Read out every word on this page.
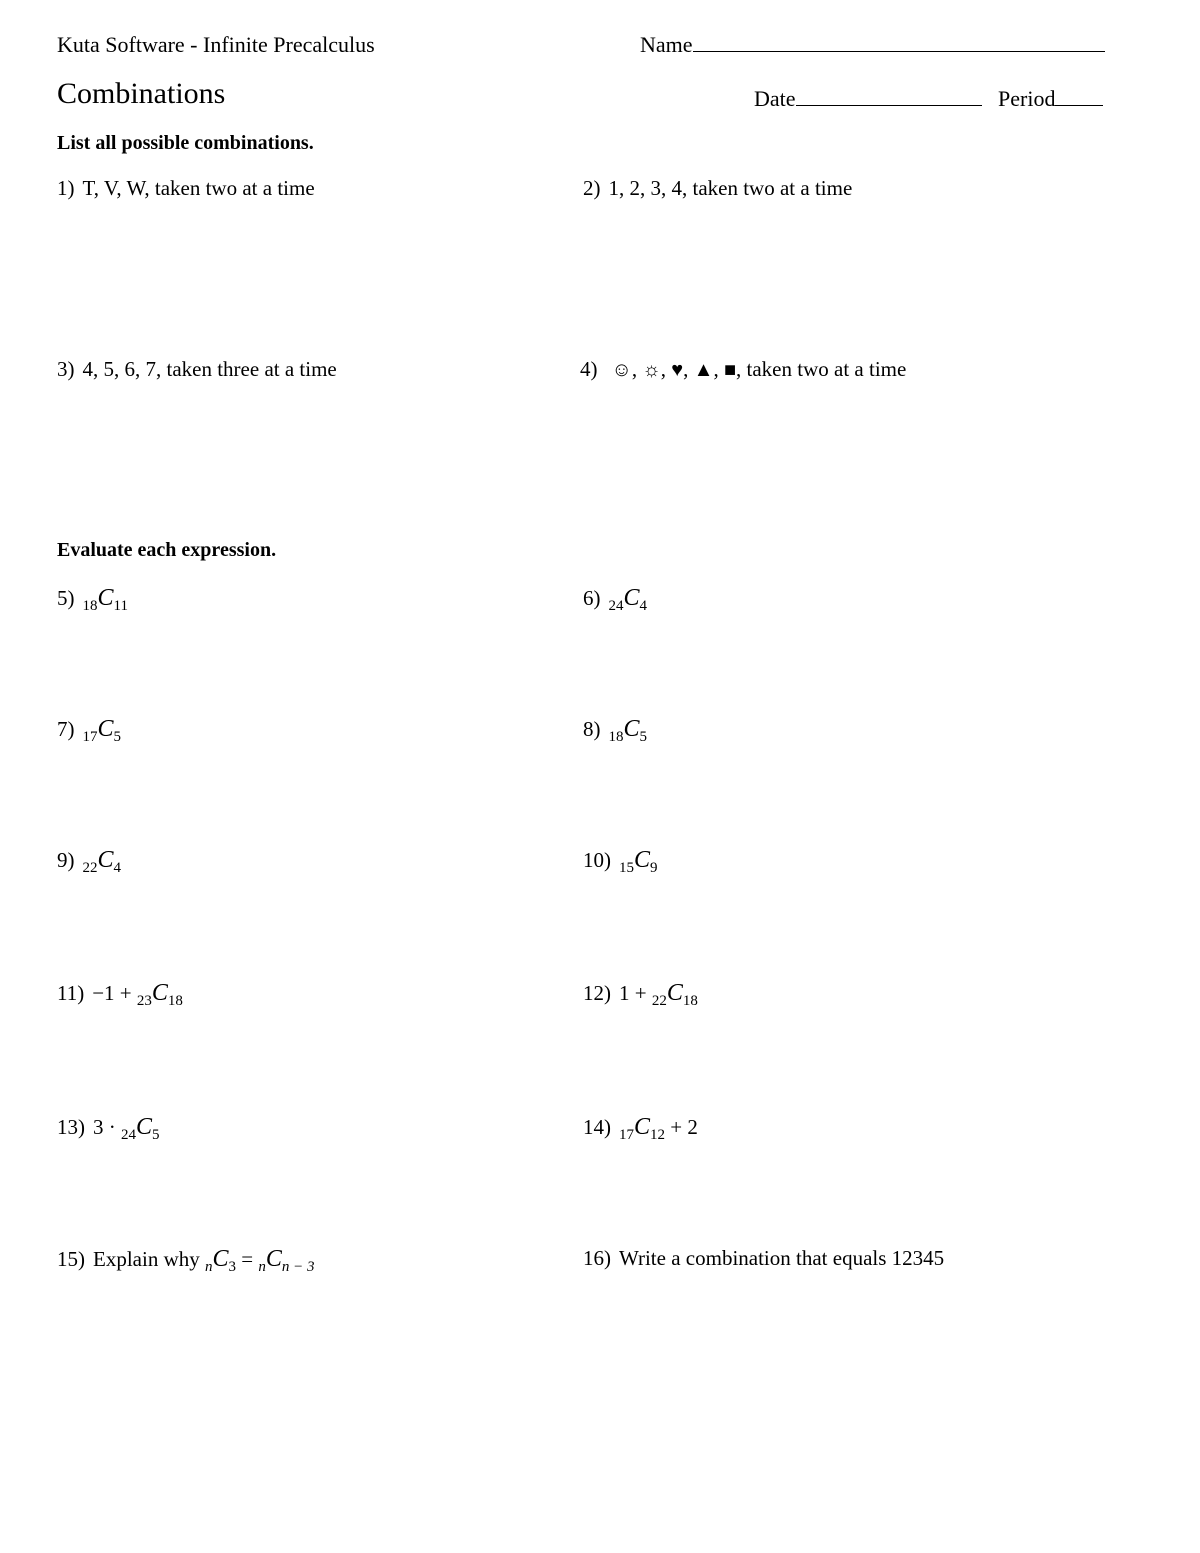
Kuta Software - Infinite Precalculus	Name
Combinations	Date	Period
List all possible combinations.
1) T, V, W, taken two at a time	2) 1, 2, 3, 4, taken two at a time
3) 4, 5, 6, 7, taken three at a time	4) ☺, ☼, ♥, ▲, ■, taken two at a time
Evaluate each expression.
5) $_{18}C_{11}$	6) $_{24}C_4$
7) $_{17}C_5$	8) $_{18}C_5$
9) $_{22}C_4$	10) $_{15}C_9$
$11) -1 + _{23}C_{18}$	12) $1 + _{22}C_{18}$
13) $3 \cdot _{24}C_5$	14) $_{17}C_{12} + 2$
15) Explain why $_nC_3 = _nC_{n - 3}$	16) Write a combination that equals 12345
